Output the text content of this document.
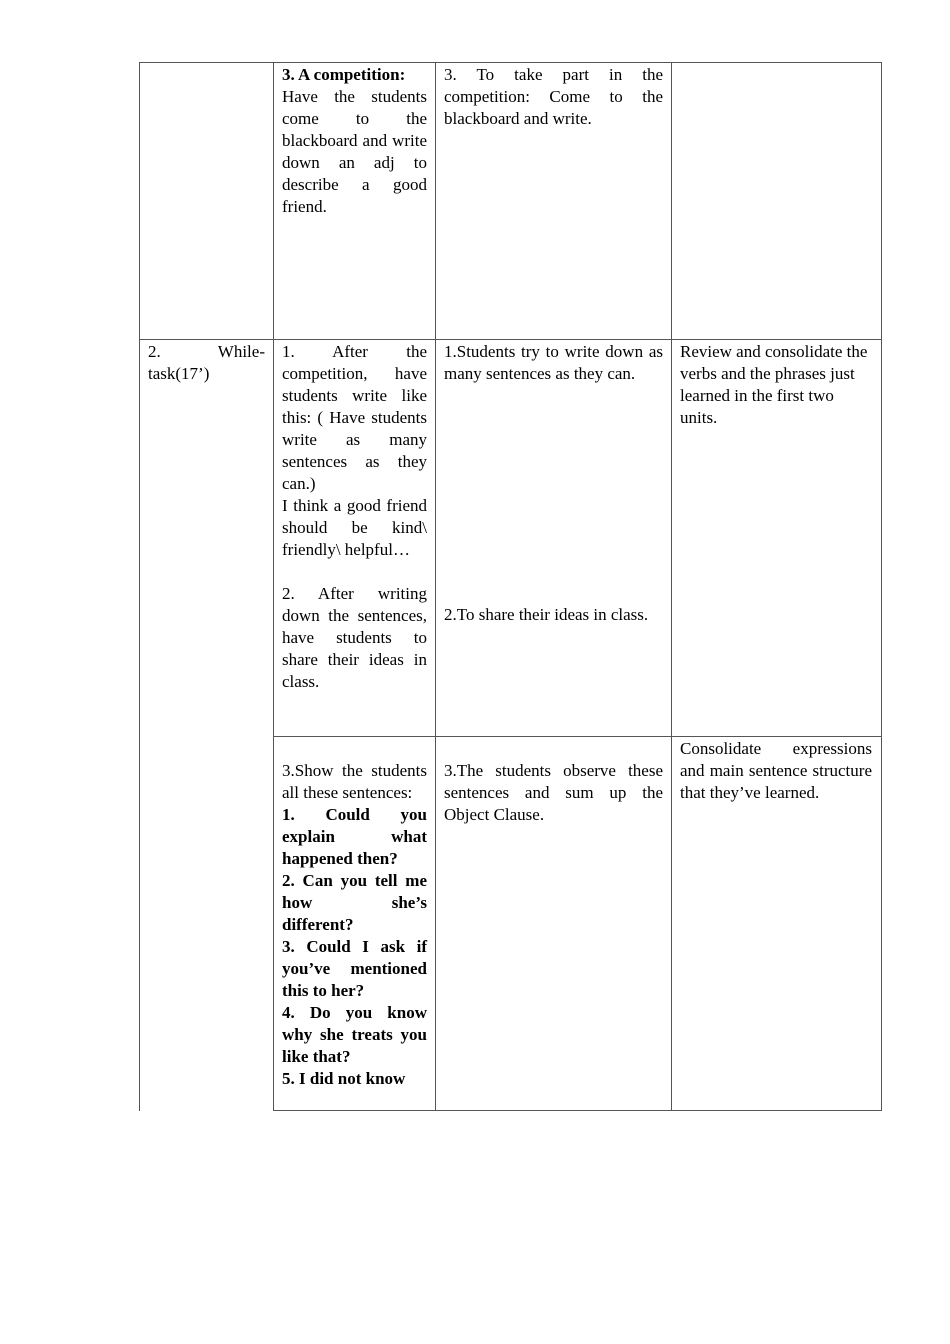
3. A competition:

Have the students come to the blackboard and write down an adj to describe a good friend.

3. To take part in the competition: Come to the blackboard and write.

2. While-task(17’)

1. After the competition, have students write like this: ( Have students write as many sentences as they can.)

I think a good friend should be kind\ friendly\ helpful…

2. After writing down the sentences, have students to share their ideas in class.

1.Students try to write down as many sentences as they can.

2.To share their ideas in class.

Review and consolidate the verbs and the phrases just learned in the first two units.

3.Show the students all these sentences:

1. Could you explain what happened then?

2. Can you tell me how she’s different?

3. Could I ask if you’ve mentioned this to her?

4. Do you know why she treats you like that?

5. I did not know

3.The students observe these sentences and sum up the Object Clause.

Consolidate expressions and main sentence structure that they’ve learned.
